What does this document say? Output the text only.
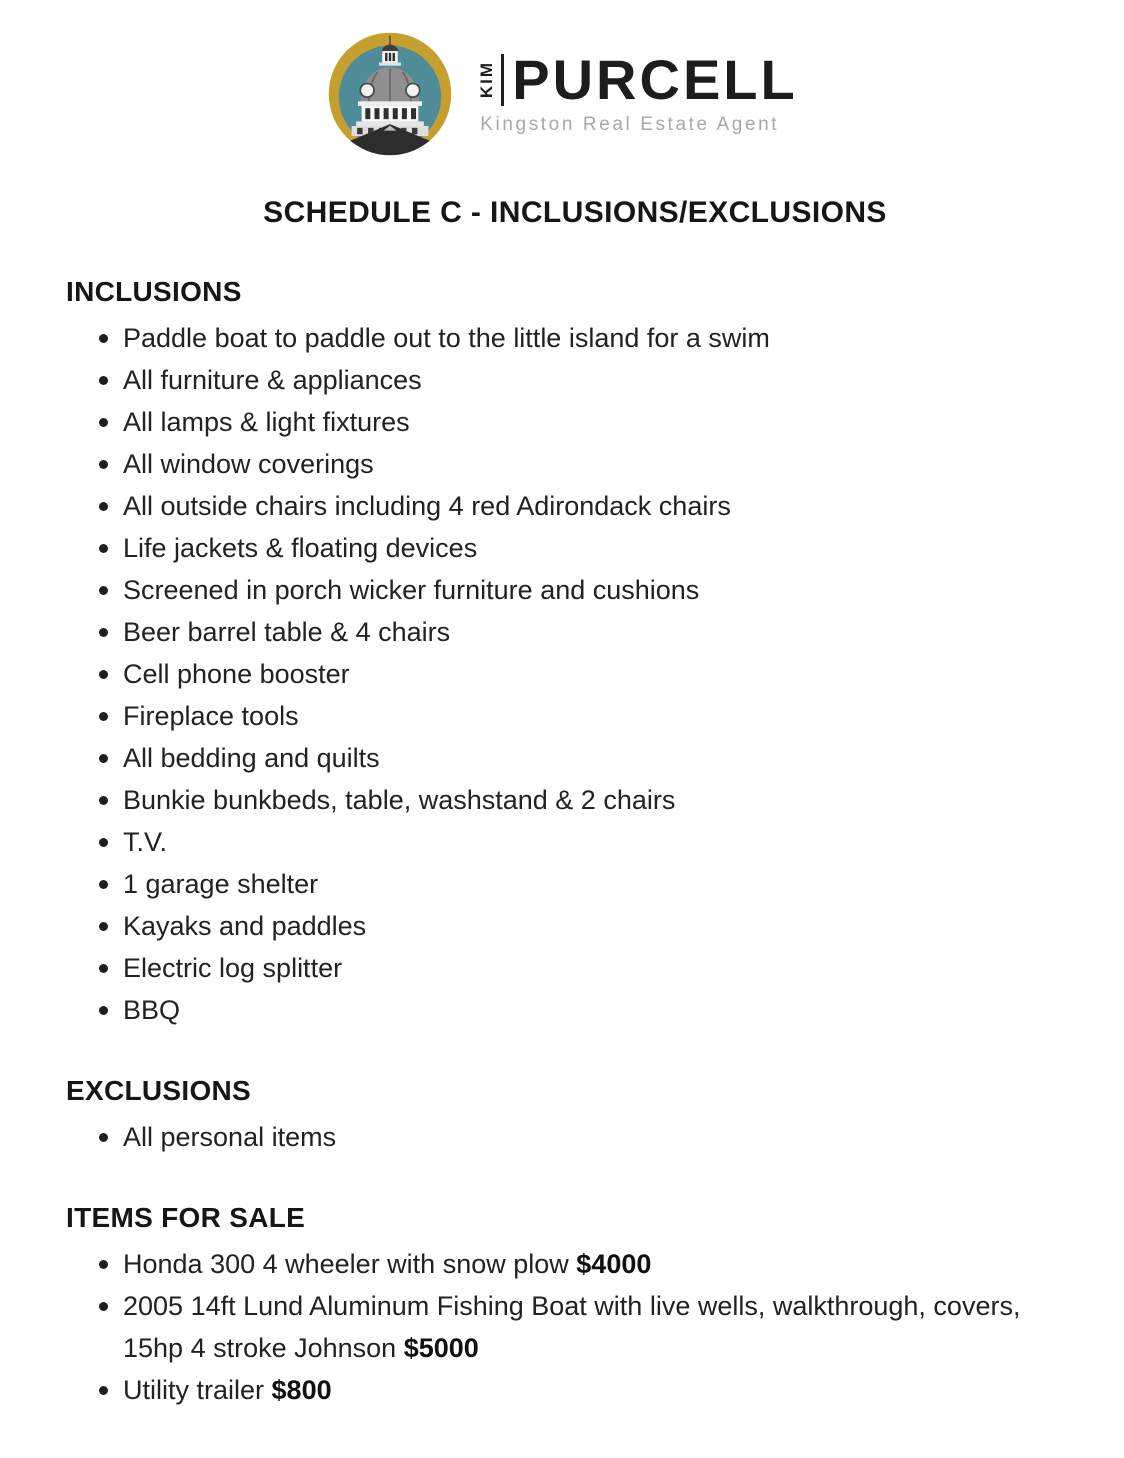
KIM PURCELL
Kingston Real Estate Agent
SCHEDULE C - INCLUSIONS/EXCLUSIONS
INCLUSIONS
Paddle boat to paddle out to the little island for a swim
All furniture & appliances
All lamps & light fixtures
All window coverings
All outside chairs including 4 red Adirondack chairs
Life jackets & floating devices
Screened in porch wicker furniture and cushions
Beer barrel table & 4 chairs
Cell phone booster
Fireplace tools
All bedding and quilts
Bunkie bunkbeds, table, washstand & 2 chairs
T.V.
1 garage shelter
Kayaks and paddles
Electric log splitter
BBQ
EXCLUSIONS
All personal items
ITEMS FOR SALE
Honda 300 4 wheeler with snow plow $4000
2005 14ft Lund Aluminum Fishing Boat with live wells, walkthrough, covers, 15hp 4 stroke Johnson $5000
Utility trailer $800
